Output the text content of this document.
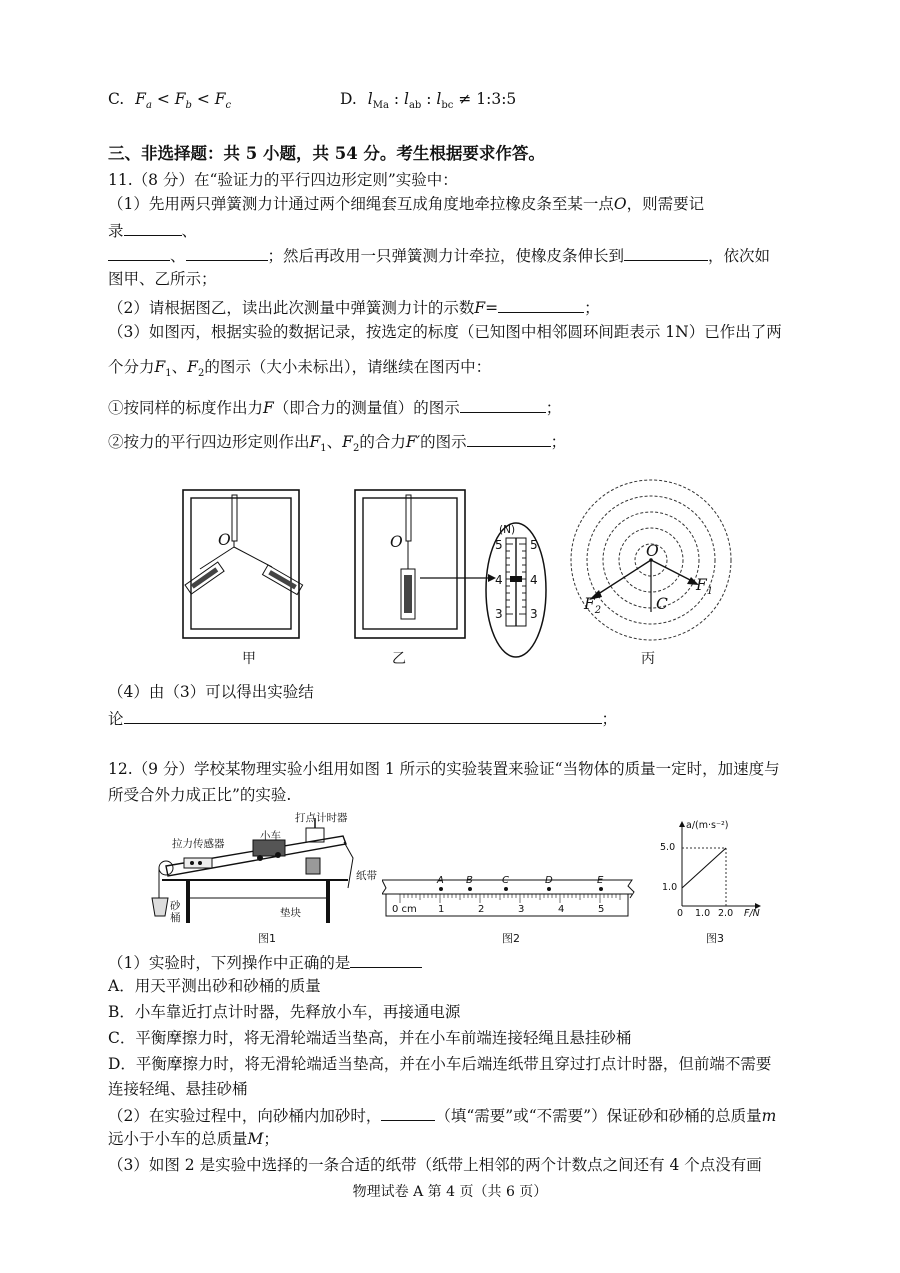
C. $F_a < F_b < F_c$	D. $l_{Ma}$ : $l_{ab}$ : $l_{bc}$ ≠ 1:3:5
三、非选择题：共 5 小题，共 54 分。考生根据要求作答。
11.（8 分）在“验证力的平行四边形定则”实验中：
（1）先用两只弹簧测力计通过两个细绳套互成角度地牵拉橡皮条至某一点O，则需要记
录	、
、	；然后再改用一只弹簧测力计牵拉，使橡皮条伸长到	，依次如
图甲、乙所示；
（2）请根据图乙，读出此次测量中弹簧测力计的示数F=	；
（3）如图丙，根据实验的数据记录，按选定的标度（已知图中相邻圆环间距表示 1N）已作出了两
个分力$F_1$、$F_2$的图示（大小未标出），请继续在图丙中：
①按同样的标度作出力F（即合力的测量值）的图示	；
②按力的平行四边形定则作出$F_1$、$F_2$的合力F′的图示	；
O
甲
O
乙
(N)
5 5
4 4
3 3
O
$F_1$
$F_2$	C
丙
（4）由（3）可以得出实验结
论	；
12.（9 分）学校某物理实验小组用如图 1 所示的实验装置来验证“当物体的质量一定时，加速度与
所受合外力成正比”的实验.
打点计时器
拉力传感器
小车
纸带
垫块
砂桶
图1
A B	C	D	E
0 cm 1	2	3	4	5
图2
a/(m·s⁻²)
5.0
1.0
0 1.0 2.0 F/N
图3
（1）实验时，下列操作中正确的是
A．用天平测出砂和砂桶的质量
B．小车靠近打点计时器，先释放小车，再接通电源
C．平衡摩擦力时，将无滑轮端适当垫高，并在小车前端连接轻绳且悬挂砂桶
D．平衡摩擦力时，将无滑轮端适当垫高，并在小车后端连纸带且穿过打点计时器，但前端不需要
连接轻绳、悬挂砂桶
（2）在实验过程中，向砂桶内加砂时，	（填“需要”或“不需要”）保证砂和砂桶的总质量m
远小于小车的总质量M；
（3）如图 2 是实验中选择的一条合适的纸带（纸带上相邻的两个计数点之间还有 4 个点没有画
物理试卷 A 第 4 页（共 6 页）
